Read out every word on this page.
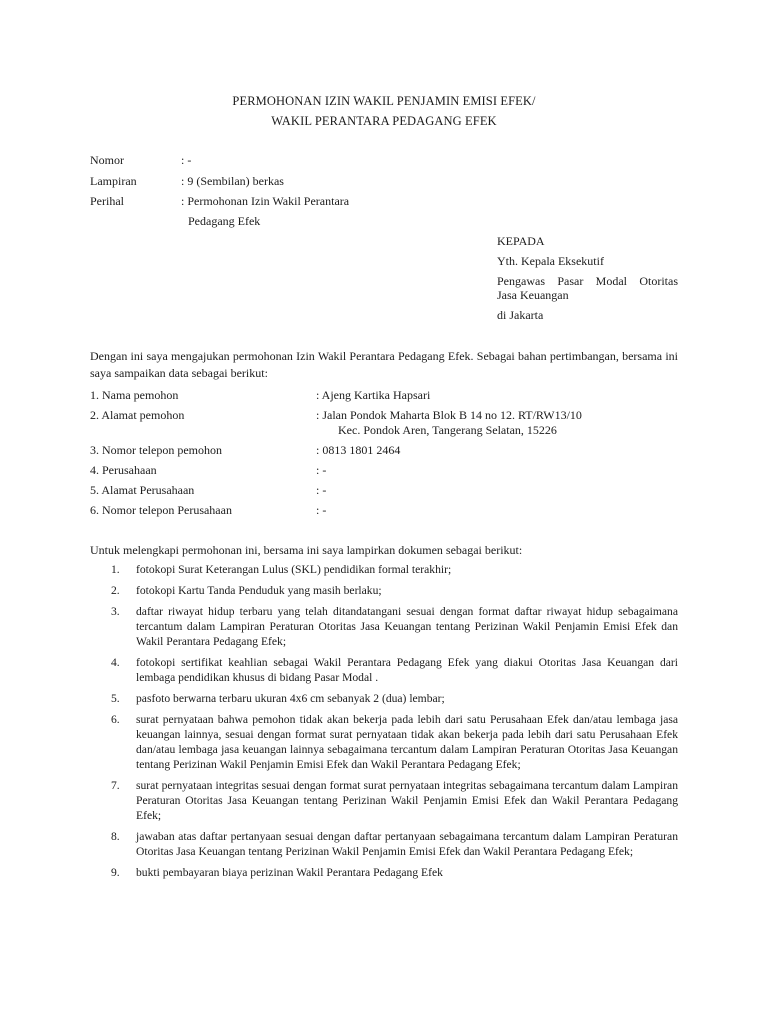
PERMOHONAN IZIN WAKIL PENJAMIN EMISI EFEK/
WAKIL PERANTARA PEDAGANG EFEK
Nomor	: -
Lampiran	: 9 (Sembilan) berkas
Perihal	: Permohonan Izin Wakil Perantara
Pedagang Efek
KEPADA
Yth. Kepala Eksekutif
Pengawas Pasar Modal Otoritas
Jasa Keuangan
di Jakarta
Dengan ini saya mengajukan permohonan Izin Wakil Perantara Pedagang Efek. Sebagai bahan pertimbangan, bersama ini saya sampaikan data sebagai berikut:
1. Nama pemohon	: Ajeng Kartika Hapsari
2. Alamat pemohon	: Jalan Pondok Maharta Blok B 14 no 12. RT/RW13/10
Kec. Pondok Aren, Tangerang Selatan, 15226
3. Nomor telepon pemohon	: 0813 1801 2464
4. Perusahaan	: -
5. Alamat Perusahaan	: -
6. Nomor telepon Perusahaan	: -
Untuk melengkapi permohonan ini, bersama ini saya lampirkan dokumen sebagai berikut:
1. fotokopi Surat Keterangan Lulus (SKL) pendidikan formal terakhir;
2. fotokopi Kartu Tanda Penduduk yang masih berlaku;
3. daftar riwayat hidup terbaru yang telah ditandatangani sesuai dengan format daftar riwayat hidup sebagaimana tercantum dalam Lampiran Peraturan Otoritas Jasa Keuangan tentang Perizinan Wakil Penjamin Emisi Efek dan Wakil Perantara Pedagang Efek;
4. fotokopi sertifikat keahlian sebagai Wakil Perantara Pedagang Efek yang diakui Otoritas Jasa Keuangan dari lembaga pendidikan khusus di bidang Pasar Modal .
5. pasfoto berwarna terbaru ukuran 4x6 cm sebanyak 2 (dua) lembar;
6. surat pernyataan bahwa pemohon tidak akan bekerja pada lebih dari satu Perusahaan Efek dan/atau lembaga jasa keuangan lainnya, sesuai dengan format surat pernyataan tidak akan bekerja pada lebih dari satu Perusahaan Efek dan/atau lembaga jasa keuangan lainnya sebagaimana tercantum dalam Lampiran Peraturan Otoritas Jasa Keuangan tentang Perizinan Wakil Penjamin Emisi Efek dan Wakil Perantara Pedagang Efek;
7. surat pernyataan integritas sesuai dengan format surat pernyataan integritas sebagaimana tercantum dalam Lampiran Peraturan Otoritas Jasa Keuangan tentang Perizinan Wakil Penjamin Emisi Efek dan Wakil Perantara Pedagang Efek;
8. jawaban atas daftar pertanyaan sesuai dengan daftar pertanyaan sebagaimana tercantum dalam Lampiran Peraturan Otoritas Jasa Keuangan tentang Perizinan Wakil Penjamin Emisi Efek dan Wakil Perantara Pedagang Efek;
9. bukti pembayaran biaya perizinan Wakil Perantara Pedagang Efek
